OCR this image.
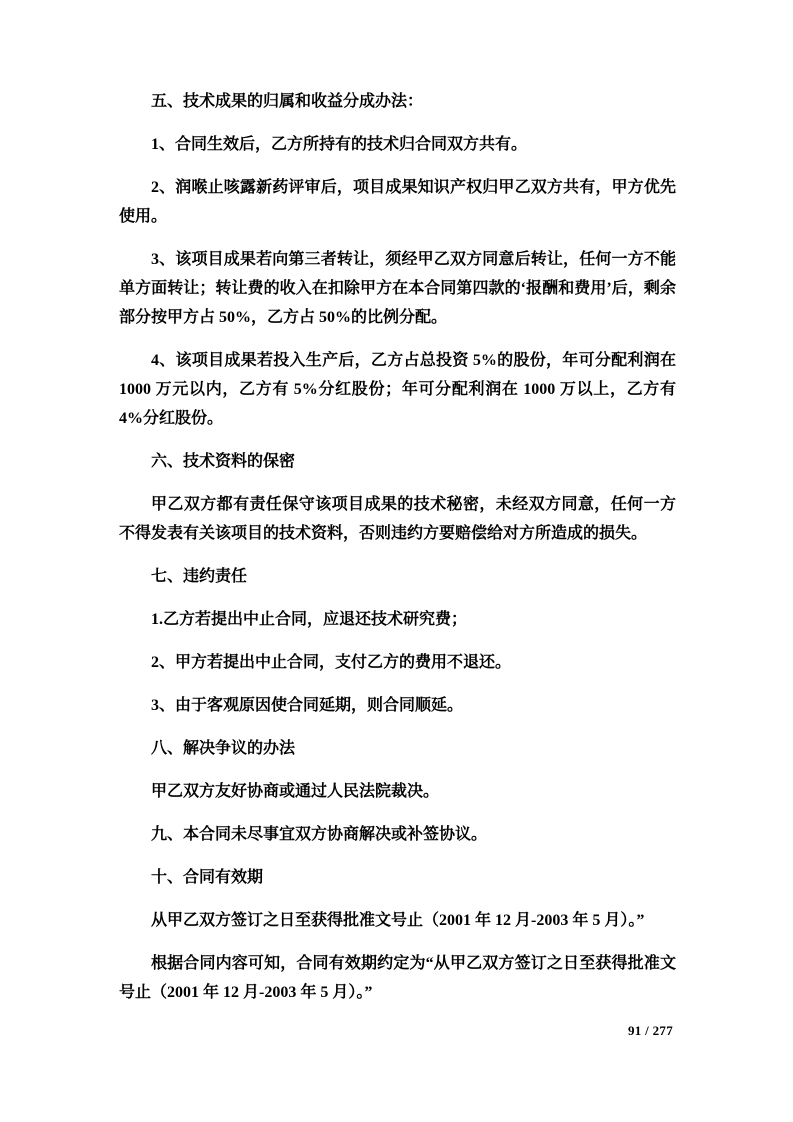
五、技术成果的归属和收益分成办法：

1、合同生效后，乙方所持有的技术归合同双方共有。

2、润喉止咳露新药评审后，项目成果知识产权归甲乙双方共有，甲方优先使用。

3、该项目成果若向第三者转让，须经甲乙双方同意后转让，任何一方不能单方面转让；转让费的收入在扣除甲方在本合同第四款的‘报酬和费用’后，剩余部分按甲方占 50%，乙方占 50%的比例分配。

4、该项目成果若投入生产后，乙方占总投资 5%的股份，年可分配利润在 1000 万元以内，乙方有 5%分红股份；年可分配利润在 1000 万以上，乙方有 4%分红股份。

六、技术资料的保密

甲乙双方都有责任保守该项目成果的技术秘密，未经双方同意，任何一方不得发表有关该项目的技术资料，否则违约方要赔偿给对方所造成的损失。

七、违约责任

1.乙方若提出中止合同，应退还技术研究费；

2、甲方若提出中止合同，支付乙方的费用不退还。

3、由于客观原因使合同延期，则合同顺延。

八、解决争议的办法

甲乙双方友好协商或通过人民法院裁决。

九、本合同未尽事宜双方协商解决或补签协议。

十、合同有效期

从甲乙双方签订之日至获得批准文号止（2001 年 12 月-2003 年 5 月）。”

根据合同内容可知，合同有效期约定为“从甲乙双方签订之日至获得批准文号止（2001 年 12 月-2003 年 5 月）。”

91 / 277
